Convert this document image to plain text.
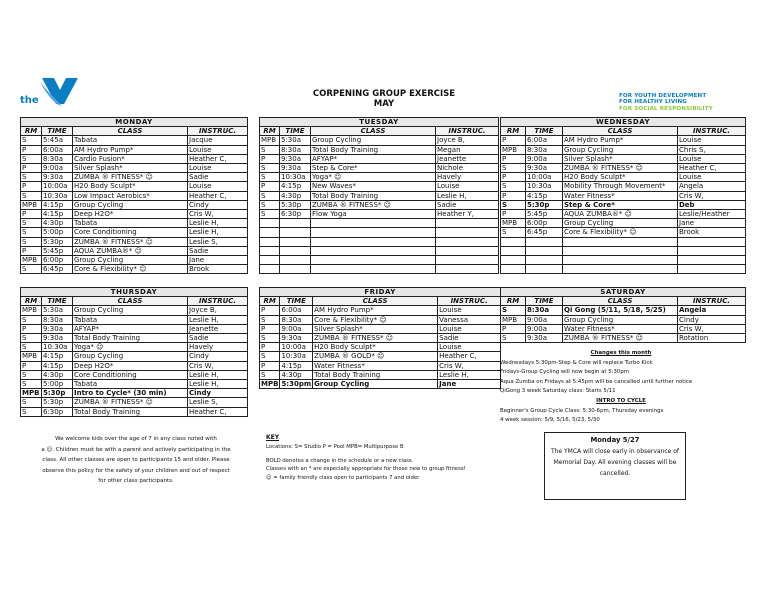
the
CORPENING GROUP EXERCISE
MAY
FOR YOUTH DEVELOPMENT
FOR HEALTHY LIVING
FOR SOCIAL RESPONSIBILITY
MONDAY			
RM	TIME	CLASS	INSTRUC.
S	5:45a	Tabata	Jacque
P	6:00a	AM Hydro Pump*	Louise
S	8:30a	Cardio Fusion*	Heather C,
P	9:00a	Silver Splash*	Louise
S	9:30a	ZUMBA ® FITNESS* ☺	Sadie
P	10:00a	H20 Body Sculpt*	Louise
S	10:30a	Low Impact Aerobics*	Heather C,
MPB	4:15p	Group Cycling	Cindy
P	4:15p	Deep H2O*	Cris W,
S	4:30p	Tabata	Leslie H,
S	5:00p	Core Conditioning	Leslie H,
S	5:30p	ZUMBA ® FITNESS* ☺	Leslie S,
P	5:45p	AQUA ZUMBA®* ☺	Sadie
MPB	6:00p	Group Cycling	Jane
S	6:45p	Core & Flexibility* ☺	Brook
TUESDAY			
RM	TIME	CLASS	INSTRUC.
MPB	5:30a	Group Cycling	Joyce B,
S	8:30a	Total Body Training	Megan
P	9:30a	AFYAP*	Jeanette
S	9:30a	Step & Core*	Nichole
S	10:30a	Yoga* ☺	Havely
P	4:15p	New Waves*	Louise
S	4:30p	Total Body Training	Leslie H,
S	5:30p	ZUMBA ® FITNESS* ☺	Sadie
S	6:30p	Flow Yoga	Heather Y,

WEDNESDAY			
RM	TIME	CLASS	INSTRUC.
P	6:00a	AM Hydro Pump*	Louise
MPB	8:30a	Group Cycling	Chris S,
P	9:00a	Silver Splash*	Louise
S	9:30a	ZUMBA ® FITNESS* ☺	Heather C,
P	10:00a	H20 Body Sculpt*	Louise
S	10:30a	Mobility Through Movement*	Angela
P	4:15p	Water Fitness*	Cris W,
S	5:30p	Step & Core*	Deb
P	5:45p	AQUA ZUMBA®* ☺	Leslie/Heather
MPB	6:00p	Group Cycling	Jane
S	6:45p	Core & Flexibility* ☺	Brook

THURSDAY			
RM	TIME	CLASS	INSTRUC.
MPB	5:30a	Group Cycling	Joyce B,
S	8:30a	Tabata	Leslie H,
P	9:30a	AFYAP*	Jeanette
S	9:30a	Total Body Training	Sadie
S	10:30a	Yoga* ☺	Havely
MPB	4:15p	Group Cycling	Cindy
P	4:15p	Deep H2O*	Cris W,
S	4:30p	Core Conditioning	Leslie H,
S	5:00p	Tabata	Leslie H,
MPB	5:30p	Intro to Cycle* (30 min)	Cindy
S	5:30p	ZUMBA ® FITNESS* ☺	Leslie S,
S	6:30p	Total Body Training	Heather C,
FRIDAY			
RM	TIME	CLASS	INSTRUC.
P	6:00a	AM Hydro Pump*	Louise
S	8:30a	Core & Flexibility* ☺	Vanessa
P	9:00a	Silver Splash*	Louise
S	9:30a	ZUMBA ® FITNESS* ☺	Sadie
P	10:00a	H20 Body Sculpt*	Louise
S	10:30a	ZUMBA ® GOLD* ☺	Heather C,
P	4:15p	Water Fitness*	Cris W,
S	4:30p	Total Body Training	Leslie H,
MPB	5:30pm	Group Cycling	Jane
SATURDAY			
RM	TIME	CLASS	INSTRUC.
S	8:30a	Qi Gong (5/11, 5/18, 5/25)	Angela
MPB	9:00a	Group Cycling	Cindy
P	9:00a	Water Fitness*	Cris W,
S	9:30a	ZUMBA ® FITNESS* ☺	Rotation
Changes this month
Wednesdays 5:30pm-Step & Core will replace Turbo Kick
Fridays-Group Cycling will now begin at 5:30pm
Aqua Zumba on Fridays at 5:45pm will be cancelled until further notice
QiGong 3 week Saturday class: Starts 5/11
INTRO TO CYCLE
Beginner's Group Cycle Class: 5:30-6pm, Thursday evenings
4 week session: 5/9, 5/16, 5/23, 5/30
We welcome kids over the age of 7 in any class noted with
a ☺. Children must be with a parent and actively participating in the
class. All other classes are open to participants 15 and older. Please
observe this policy for the safety of your children and out of respect
for other class participants.
KEY
Locations: S= Studio P = Pool MPB= Multipurpose B
BOLD denotes a change in the schedule or a new class.
Classes with an * are especially appropriate for those new to group fitness!
☺ = family friendly class open to participants 7 and older
Monday 5/27
The YMCA will close early in observance of
Memorial Day. All evening classes will be
cancelled.
